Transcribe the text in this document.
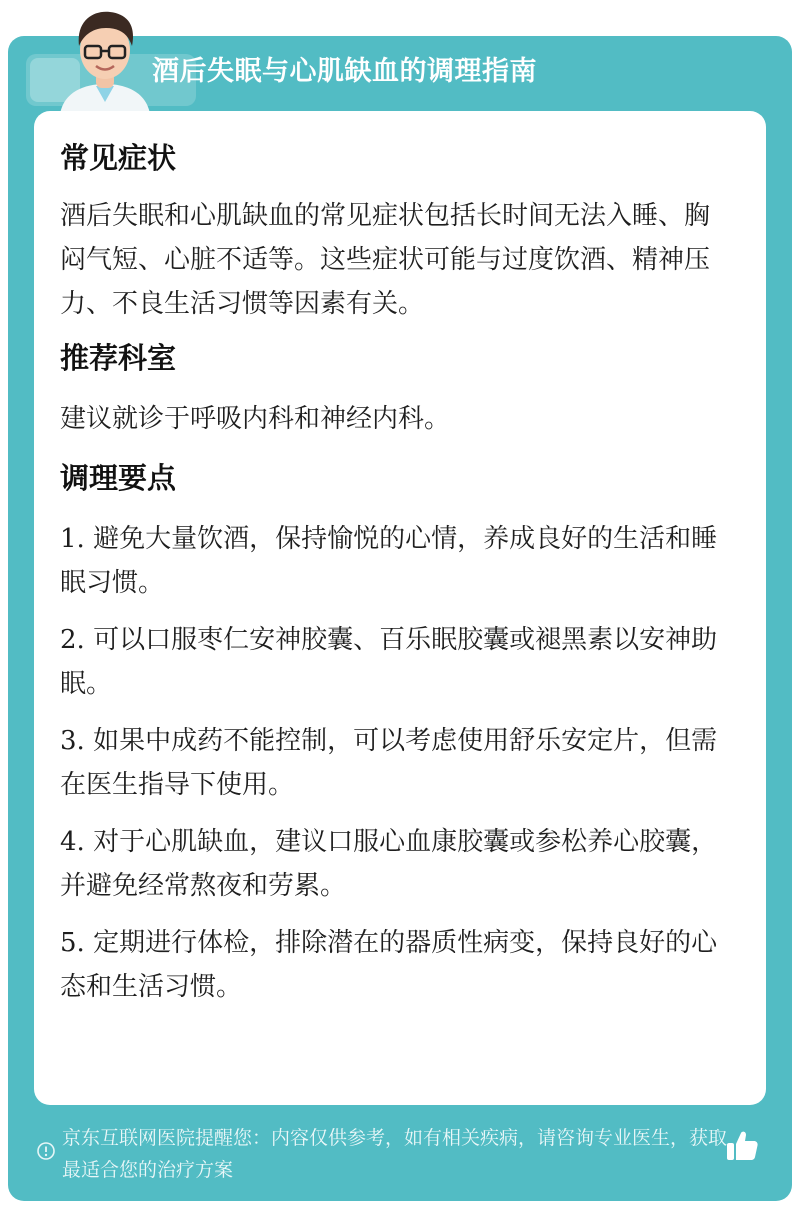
酒后失眠与心肌缺血的调理指南
常见症状
酒后失眠和心肌缺血的常见症状包括长时间无法入睡、胸闷气短、心脏不适等。这些症状可能与过度饮酒、精神压力、不良生活习惯等因素有关。
推荐科室
建议就诊于呼吸内科和神经内科。
调理要点
1. 避免大量饮酒，保持愉悦的心情，养成良好的生活和睡眠习惯。
2. 可以口服枣仁安神胶囊、百乐眠胶囊或褪黑素以安神助眠。
3. 如果中成药不能控制，可以考虑使用舒乐安定片，但需在医生指导下使用。
4. 对于心肌缺血，建议口服心血康胶囊或参松养心胶囊，并避免经常熬夜和劳累。
5. 定期进行体检，排除潜在的器质性病变，保持良好的心态和生活习惯。
京东互联网医院提醒您：内容仅供参考，如有相关疾病，请咨询专业医生，获取最适合您的治疗方案
